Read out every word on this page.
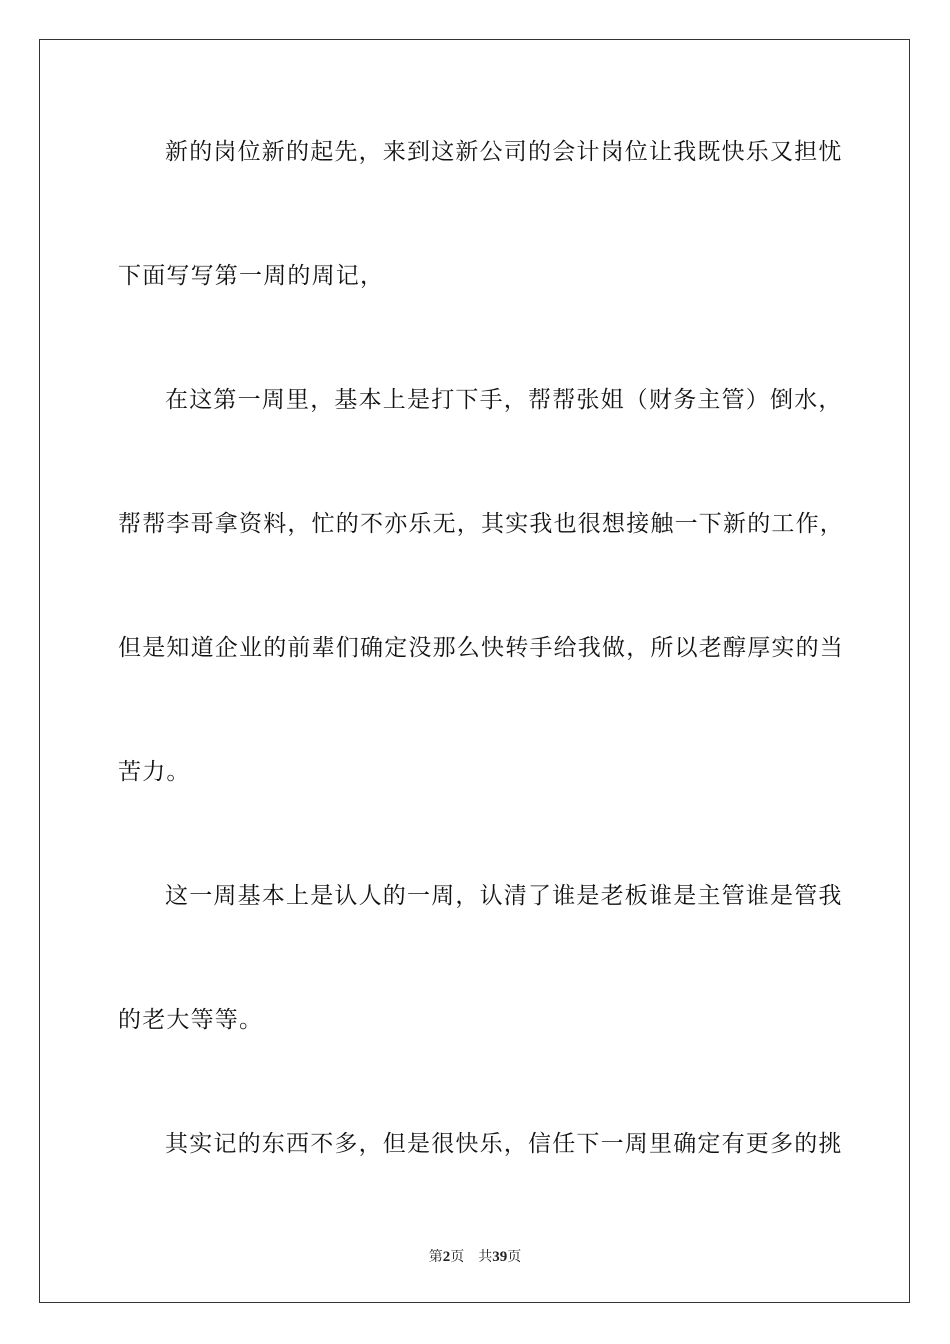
新的岗位新的起先，来到这新公司的会计岗位让我既快乐又担忧
下面写写第一周的周记，
在这第一周里，基本上是打下手，帮帮张姐（财务主管）倒水，
帮帮李哥拿资料，忙的不亦乐无，其实我也很想接触一下新的工作，
但是知道企业的前辈们确定没那么快转手给我做，所以老醇厚实的当
苦力。
这一周基本上是认人的一周，认清了谁是老板谁是主管谁是管我
的老大等等。
其实记的东西不多，但是很快乐，信任下一周里确定有更多的挑
第2页 共39页
